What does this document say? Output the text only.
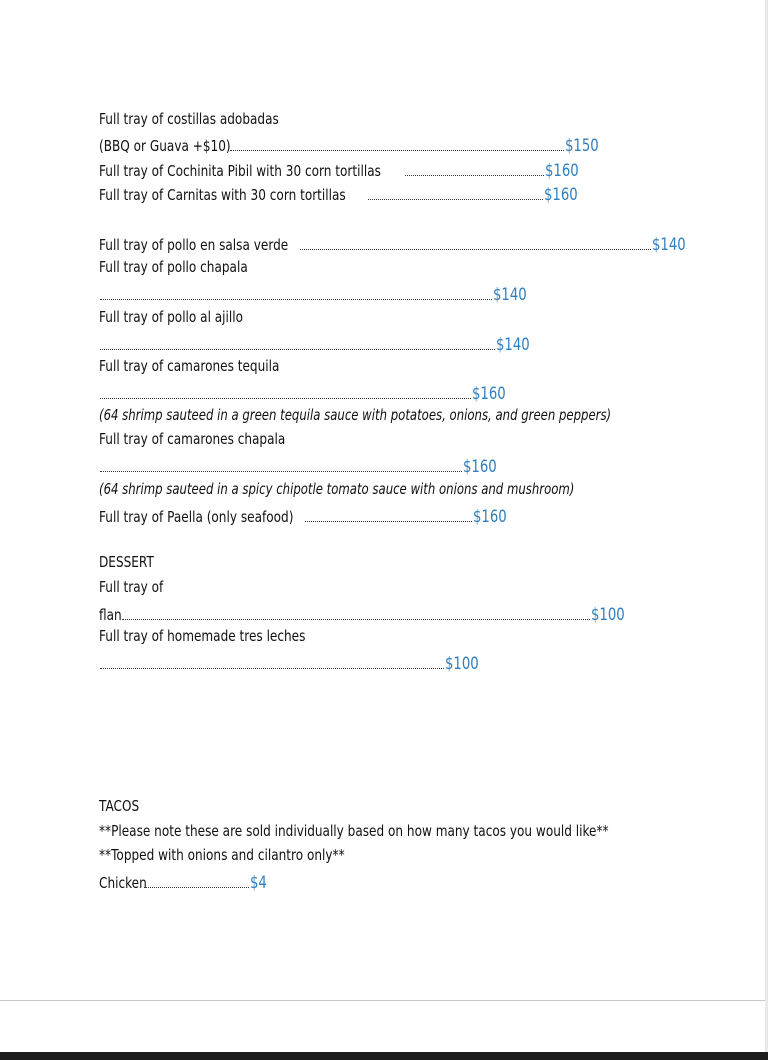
Full tray of costillas adobadas
(BBQ or Guava +$10)	$150
Full tray of Cochinita Pibil with 30 corn tortillas	$160
Full tray of Carnitas with 30 corn tortillas	$160
Full tray of pollo en salsa verde	$140
Full tray of pollo chapala
$140
Full tray of pollo al ajillo
$140
Full tray of camarones tequila
$160
(64 shrimp sauteed in a green tequila sauce with potatoes, onions, and green peppers)
Full tray of camarones chapala
$160
(64 shrimp sauteed in a spicy chipotle tomato sauce with onions and mushroom)
Full tray of Paella (only seafood)	$160
DESSERT
Full tray of
flan	$100
Full tray of homemade tres leches
$100
TACOS
**Please note these are sold individually based on how many tacos you would like**
**Topped with onions and cilantro only**
Chicken	$4
